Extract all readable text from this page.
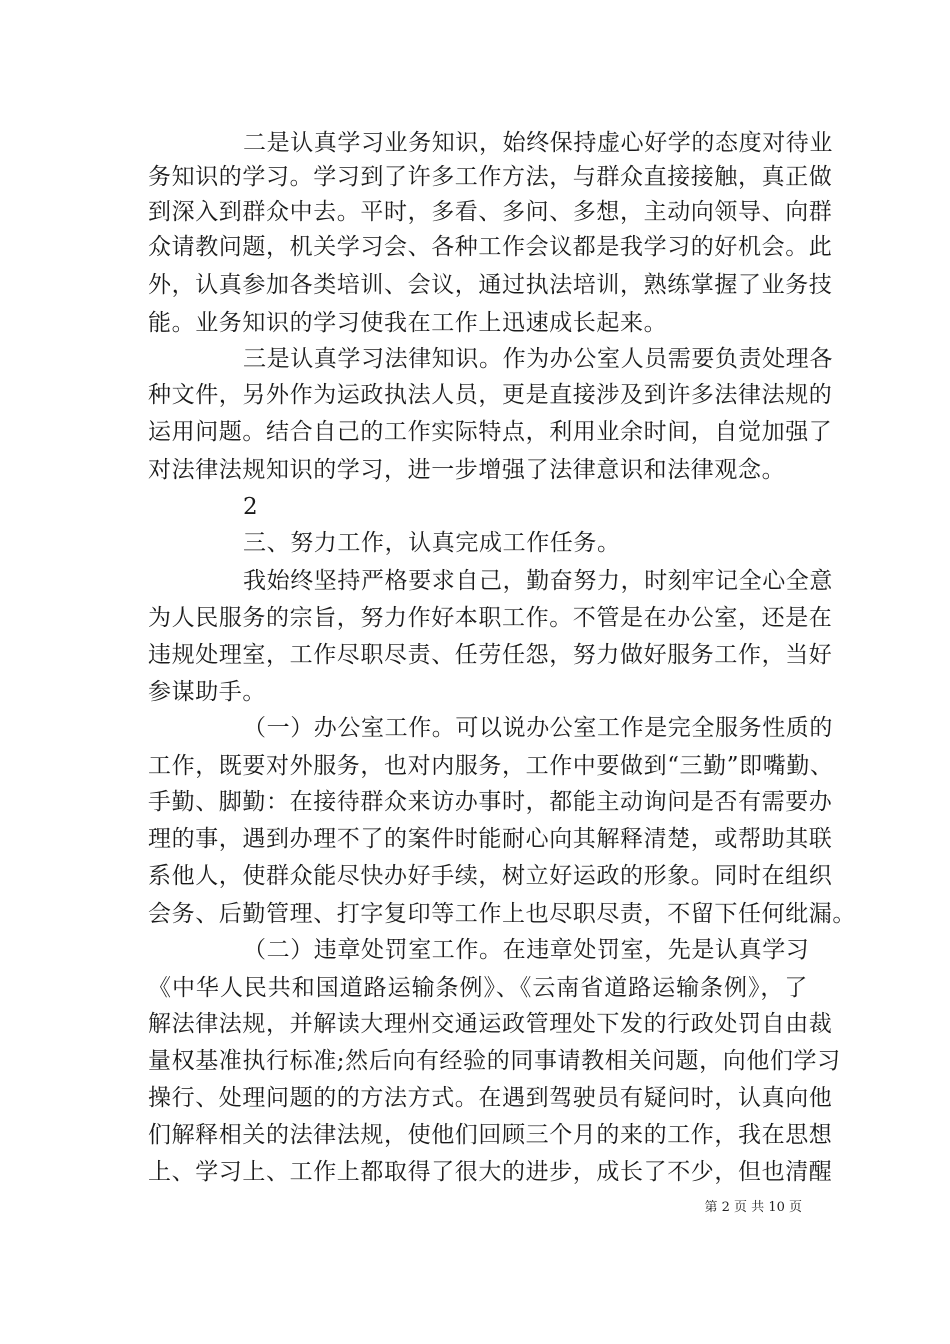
二是认真学习业务知识，始终保持虚心好学的态度对待业
务知识的学习。学习到了许多工作方法，与群众直接接触，真正做
到深入到群众中去。平时，多看、多问、多想，主动向领导、向群
众请教问题，机关学习会、各种工作会议都是我学习的好机会。此
外，认真参加各类培训、会议，通过执法培训，熟练掌握了业务技
能。业务知识的学习使我在工作上迅速成长起来。
三是认真学习法律知识。作为办公室人员需要负责处理各
种文件，另外作为运政执法人员，更是直接涉及到许多法律法规的
运用问题。结合自己的工作实际特点，利用业余时间，自觉加强了
对法律法规知识的学习，进一步增强了法律意识和法律观念。
2
三、努力工作，认真完成工作任务。
我始终坚持严格要求自己，勤奋努力，时刻牢记全心全意
为人民服务的宗旨，努力作好本职工作。不管是在办公室，还是在
违规处理室，工作尽职尽责、任劳任怨，努力做好服务工作，当好
参谋助手。
（一）办公室工作。可以说办公室工作是完全服务性质的
工作，既要对外服务，也对内服务，工作中要做到“三勤”即嘴勤、
手勤、脚勤：在接待群众来访办事时，都能主动询问是否有需要办
理的事，遇到办理不了的案件时能耐心向其解释清楚，或帮助其联
系他人，使群众能尽快办好手续，树立好运政的形象。同时在组织
会务、后勤管理、打字复印等工作上也尽职尽责，不留下任何纰漏。
（二）违章处罚室工作。在违章处罚室，先是认真学习
《中华人民共和国道路运输条例》、《云南省道路运输条例》，了
解法律法规，并解读大理州交通运政管理处下发的行政处罚自由裁
量权基准执行标准;然后向有经验的同事请教相关问题，向他们学习
操行、处理问题的的方法方式。在遇到驾驶员有疑问时，认真向他
们解释相关的法律法规，使他们回顾三个月的来的工作，我在思想
上、学习上、工作上都取得了很大的进步，成长了不少，但也清醒
第 2 页 共 10 页
